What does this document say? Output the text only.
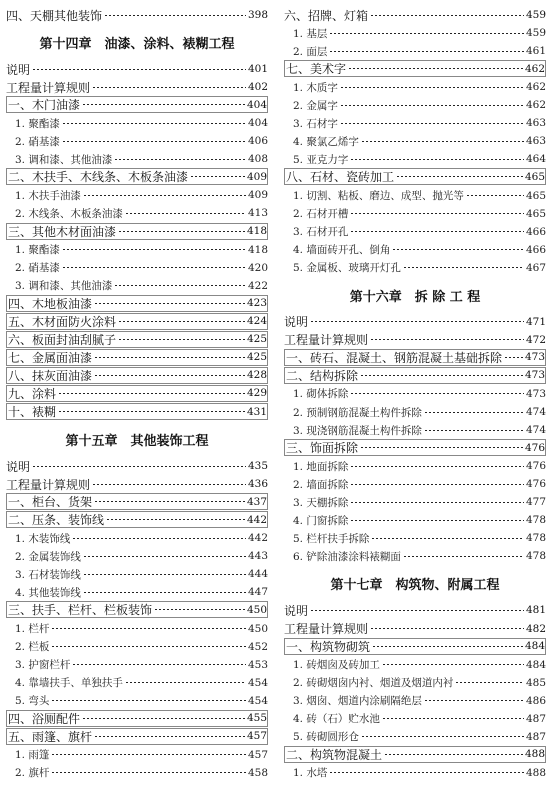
四、天棚其他装饰	398
第十四章　油漆、涂料、裱糊工程
说明	401
工程量计算规则	402
一、木门油漆	404
1. 聚酯漆	404
2. 硝基漆	406
3. 调和漆、其他油漆	408
二、木扶手、木线条、木板条油漆	409
1. 木扶手油漆	409
2. 木线条、木板条油漆	413
三、其他木材面油漆	418
1. 聚酯漆	418
2. 硝基漆	420
3. 调和漆、其他油漆	422
四、木地板油漆	423
五、木材面防火涂料	424
六、板面封油刮腻子	425
七、金属面油漆	425
八、抹灰面油漆	428
九、涂料	429
十、裱糊	431
第十五章　其他装饰工程
说明	435
工程量计算规则	436
一、柜台、货架	437
二、压条、装饰线	442
1. 木装饰线	442
2. 金属装饰线	443
3. 石材装饰线	444
4. 其他装饰线	447
三、扶手、栏杆、栏板装饰	450
1. 栏杆	450
2. 栏板	452
3. 护窗栏杆	453
4. 靠墙扶手、单独扶手	454
5. 弯头	454
四、浴厕配件	455
五、雨篷、旗杆	457
1. 雨篷	457
2. 旗杆	458
六、招牌、灯箱	459
1. 基层	459
2. 面层	461
七、美术字	462
1. 木质字	462
2. 金属字	462
3. 石材字	463
4. 聚氯乙烯字	463
5. 亚克力字	464
八、石材、瓷砖加工	465
1. 切割、粘板、磨边、成型、抛光等	465
2. 石材开槽	465
3. 石材开孔	466
4. 墙面砖开孔、倒角	466
5. 金属板、玻璃开灯孔	467
第十六章　拆 除 工 程
说明	471
工程量计算规则	472
一、砖石、混凝土、钢筋混凝土基础拆除 473
二、结构拆除	473
1. 砌体拆除	473
2. 预制钢筋混凝土构件拆除	474
3. 现浇钢筋混凝土构件拆除	474
三、饰面拆除	476
1. 地面拆除	476
2. 墙面拆除	476
3. 天棚拆除	477
4. 门窗拆除	478
5. 栏杆扶手拆除	478
6. 铲除油漆涂料裱糊面	478
第十七章　构筑物、附属工程
说明	481
工程量计算规则	482
一、构筑物砌筑	484
1. 砖烟囱及砖加工	484
2. 砖砌烟囱内衬、烟道及烟道内衬	485
3. 烟囱、烟道内涂刷隔绝层	486
4. 砖（石）贮水池	487
5. 砖砌圆形仓	487
二、构筑物混凝土	488
1. 水塔	488
